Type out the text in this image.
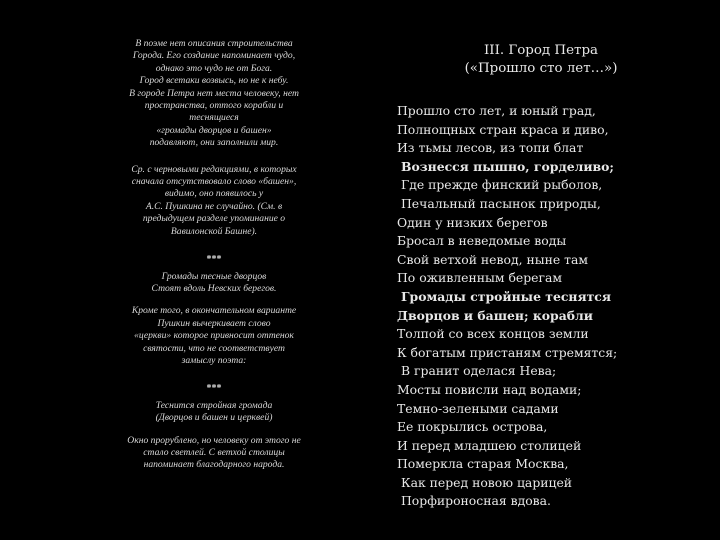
В поэме нет описания строительства
Города. Его создание напоминает чудо,
однако это чудо не от Бога.
Город всетаки возвысь, но не к небу.
В городе Петра нет места человеку, нет
пространства, оттого корабли и
теснящиеся
«громады дворцов и башен»
подавляют, они заполнили мир.
Ср. с черновыми редакциями, в которых
сначала отсутствовало слово «башен»,
видимо, оно появилось у
А.С. Пушкина не случайно. (См. в
предыдущем разделе упоминание о
Вавилонской Башне).
***
Громады тесные дворцов
Стоят вдоль Невских берегов.
Кроме того, в окончательном варианте
Пушкин вычеркивает слово
«церкви» которое привносит оттенок
святости, что не соответствует
замыслу поэта:
***
Теснится стройная громада
(Дворцов и башен и церквей)
Окно прорублено, но человеку от этого не
стало светлей. С ветхой столицы
напоминает благодарного народа.
III. Город Петра
(«Прошло сто лет…»)
Прошло сто лет, и юный град,
Полнощных стран краса и диво,
Из тьмы лесов, из топи блат
Вознесся пышно, горделиво;
Где прежде финский рыболов,
Печальный пасынок природы,
Один у низких берегов
Бросал в неведомые воды
Свой ветхой невод, ныне там
По оживленным берегам
Громады стройные теснятся
Дворцов и башен; корабли
Толпой со всех концов земли
К богатым пристаням стремятся;
В гранит оделася Нева;
Мосты повисли над водами;
Темно-зелеными садами
Ее покрылись острова,
И перед младшею столицей
Померкла старая Москва,
Как перед новою царицей
Порфироносная вдова.
